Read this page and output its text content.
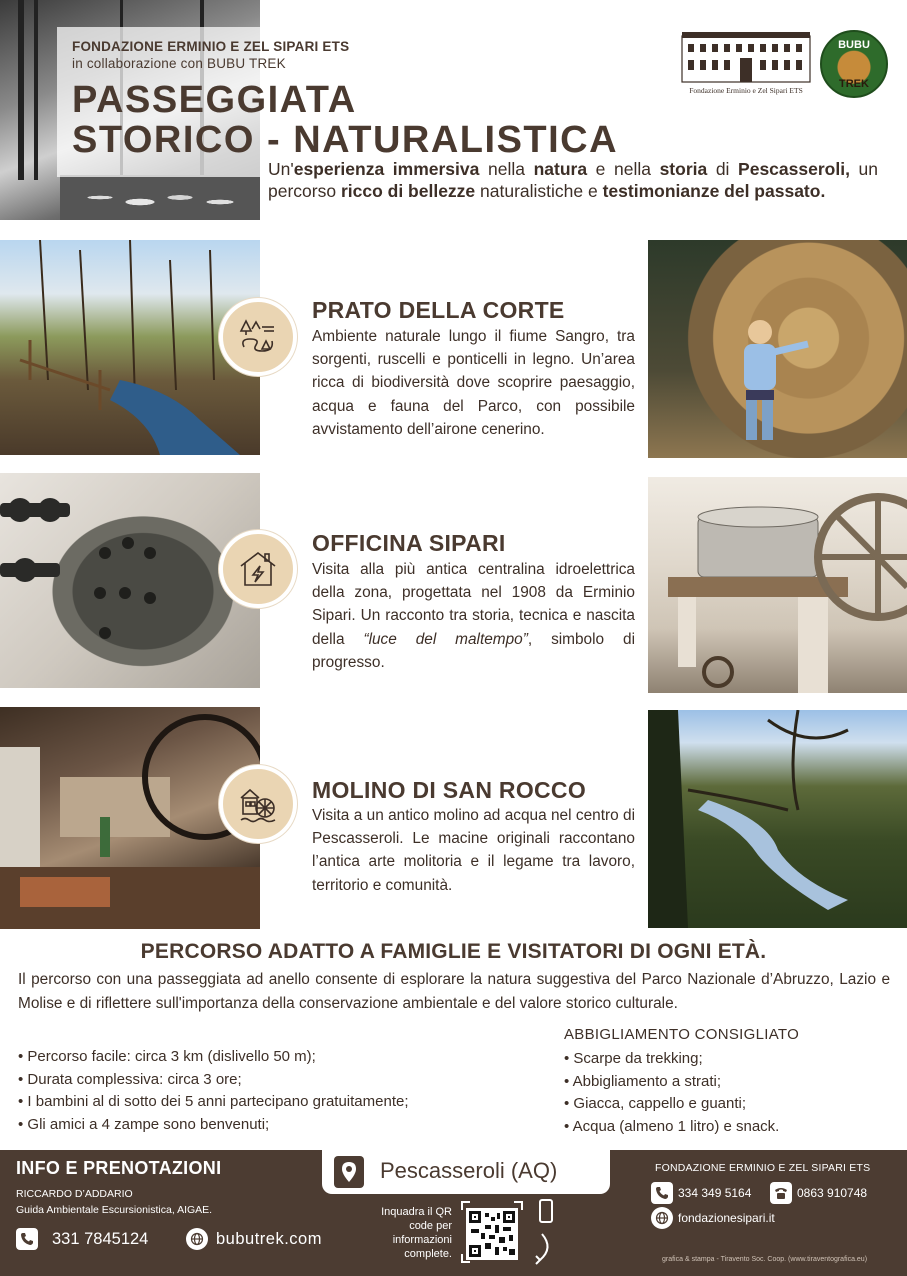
FONDAZIONE ERMINIO E ZEL SIPARI ETS
in collaborazione con BUBU TREK
PASSEGGIATA
STORICO - NATURALISTICA
Un'esperienza immersiva nella natura e nella storia di Pescasseroli, un percorso ricco di bellezze naturalistiche e testimonianze del passato.
Fondazione Erminio e Zel Sipari ETS
BUBU
TREK
PRATO DELLA CORTE
Ambiente naturale lungo il fiume Sangro, tra sorgenti, ruscelli e ponticelli in legno. Un’area ricca di biodiversità dove scoprire paesaggio, acqua e fauna del Parco, con possibile avvistamento dell’airone cenerino.
OFFICINA SIPARI
Visita alla più antica centralina idroelettrica della zona, progettata nel 1908 da Erminio Sipari. Un racconto tra storia, tecnica e nascita della “luce del maltempo”, simbolo di progresso.
MOLINO DI SAN ROCCO
Visita a un antico molino ad acqua nel centro di Pescasseroli. Le macine originali raccontano l’antica arte molitoria e il legame tra lavoro, territorio e comunità.
PERCORSO ADATTO A FAMIGLIE E VISITATORI DI OGNI ETÀ.
Il percorso con una passeggiata ad anello consente di esplorare la natura suggestiva del Parco Nazionale d’Abruzzo, Lazio e Molise e di riflettere sull'importanza della conservazione ambientale e del valore storico culturale.
• Percorso facile: circa 3 km (dislivello 50 m);
• Durata complessiva: circa 3 ore;
• I bambini al di sotto dei 5 anni partecipano gratuitamente;
• Gli amici a 4 zampe sono benvenuti;
ABBIGLIAMENTO CONSIGLIATO
• Scarpe da trekking;
• Abbigliamento a strati;
• Giacca, cappello e guanti;
• Acqua (almeno 1 litro) e snack.
INFO E PRENOTAZIONI
RICCARDO D’ADDARIO
Guida Ambientale Escursionistica, AIGAE.
331 7845124	bubutrek.com
Pescasseroli (AQ)
Inquadra il QR code per informazioni complete.
FONDAZIONE ERMINIO E ZEL SIPARI ETS
334 349 5164	0863 910748
fondazionesipari.it
grafica & stampa - Tiravento Soc. Coop. (www.tiraventografica.eu)
